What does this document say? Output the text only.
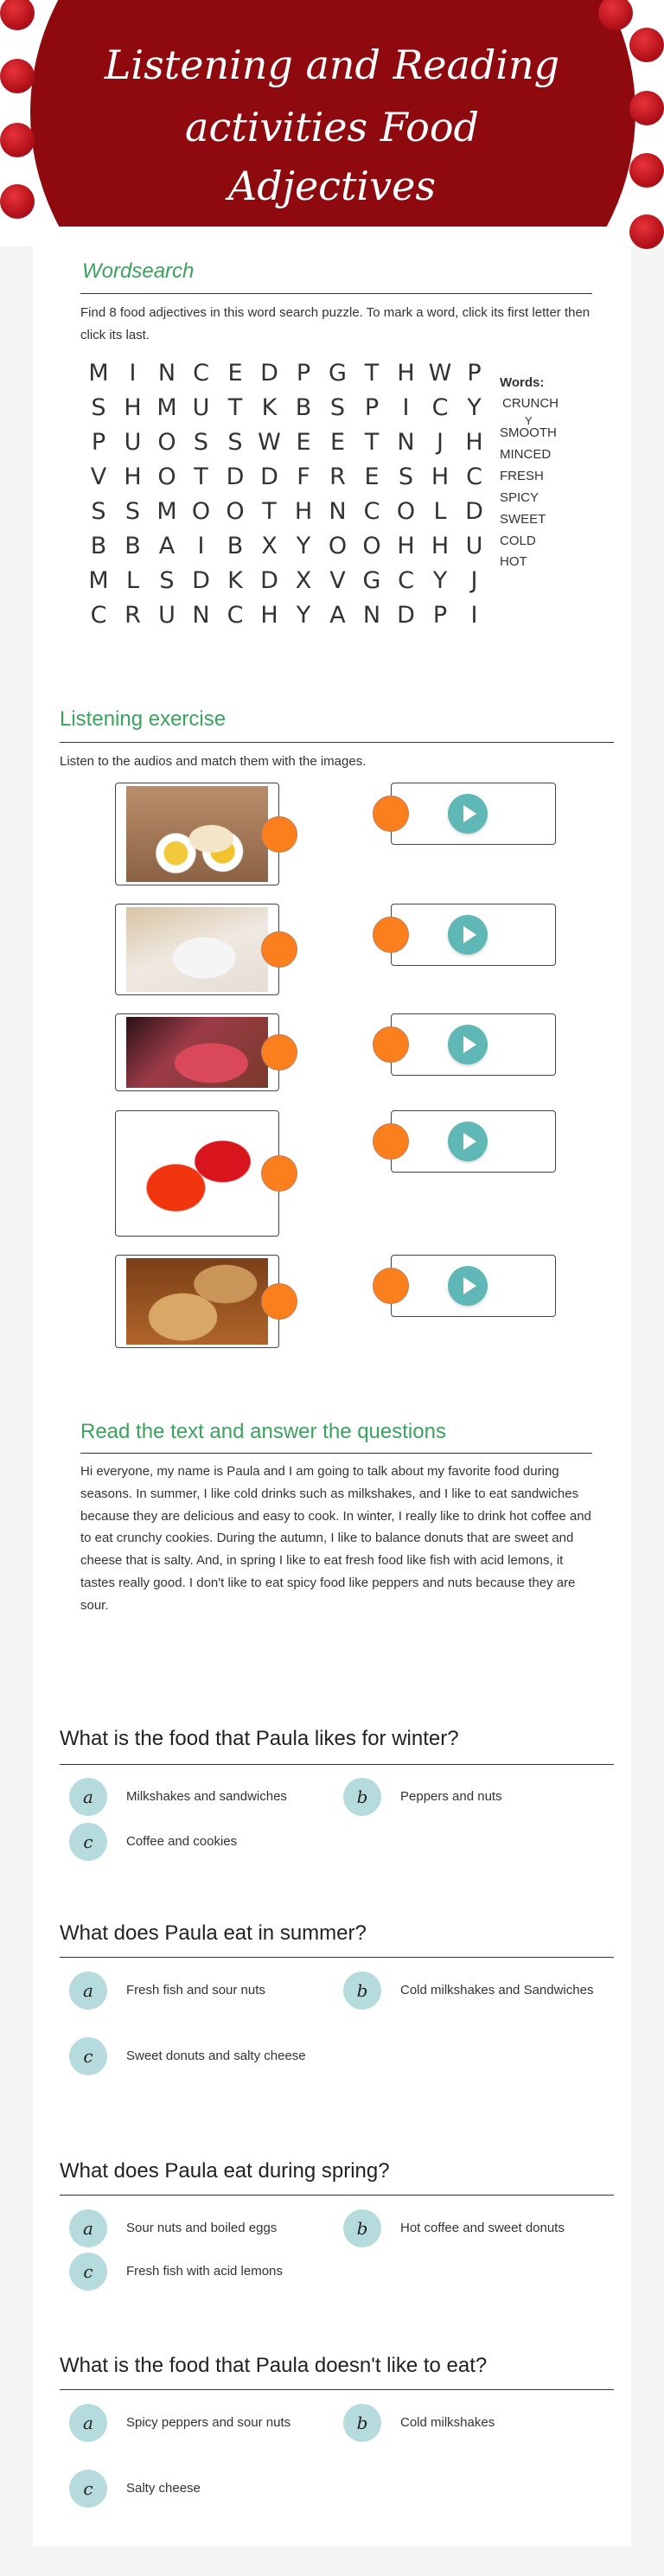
Listening and Reading
activities Food
Adjectives
Wordsearch
Find 8 food adjectives in this word search puzzle. To mark a word, click its first letter then click its last.
M I N C E D P G T H W P
S H M U T K B S P	I C Y
P U O S S W E E T N J H
V H O T D D F R E S H C
S S M O O T H N C O L D
B B A I B X Y O O H H U
M L S D K D X V G C Y	J
C R U N C H Y A N D P	I
Words:
CRUNCH
Y
SMOOTH
MINCED
FRESH
SPICY
SWEET
COLD
HOT
Listening exercise
Listen to the audios and match them with the images.
Read the text and answer the questions
Hi everyone, my name is Paula and I am going to talk about my favorite food during seasons. In summer, I like cold drinks such as milkshakes, and I like to eat sandwiches because they are delicious and easy to cook. In winter, I really like to drink hot coffee and to eat crunchy cookies. During the autumn, I like to balance donuts that are sweet and cheese that is salty. And, in spring I like to eat fresh food like fish with acid lemons, it tastes really good. I don't like to eat spicy food like peppers and nuts because they are sour.
What is the food that Paula likes for winter?
a	Milkshakes and sandwiches	b	Peppers and nuts
c	Coffee and cookies
What does Paula eat in summer?
a	Fresh fish and sour nuts	b	Cold milkshakes and Sandwiches
c	Sweet donuts and salty cheese
What does Paula eat during spring?
a	Sour nuts and boiled eggs	b	Hot coffee and sweet donuts
c	Fresh fish with acid lemons
What is the food that Paula doesn't like to eat?
a	Spicy peppers and sour nuts	b	Cold milkshakes
c	Salty cheese
